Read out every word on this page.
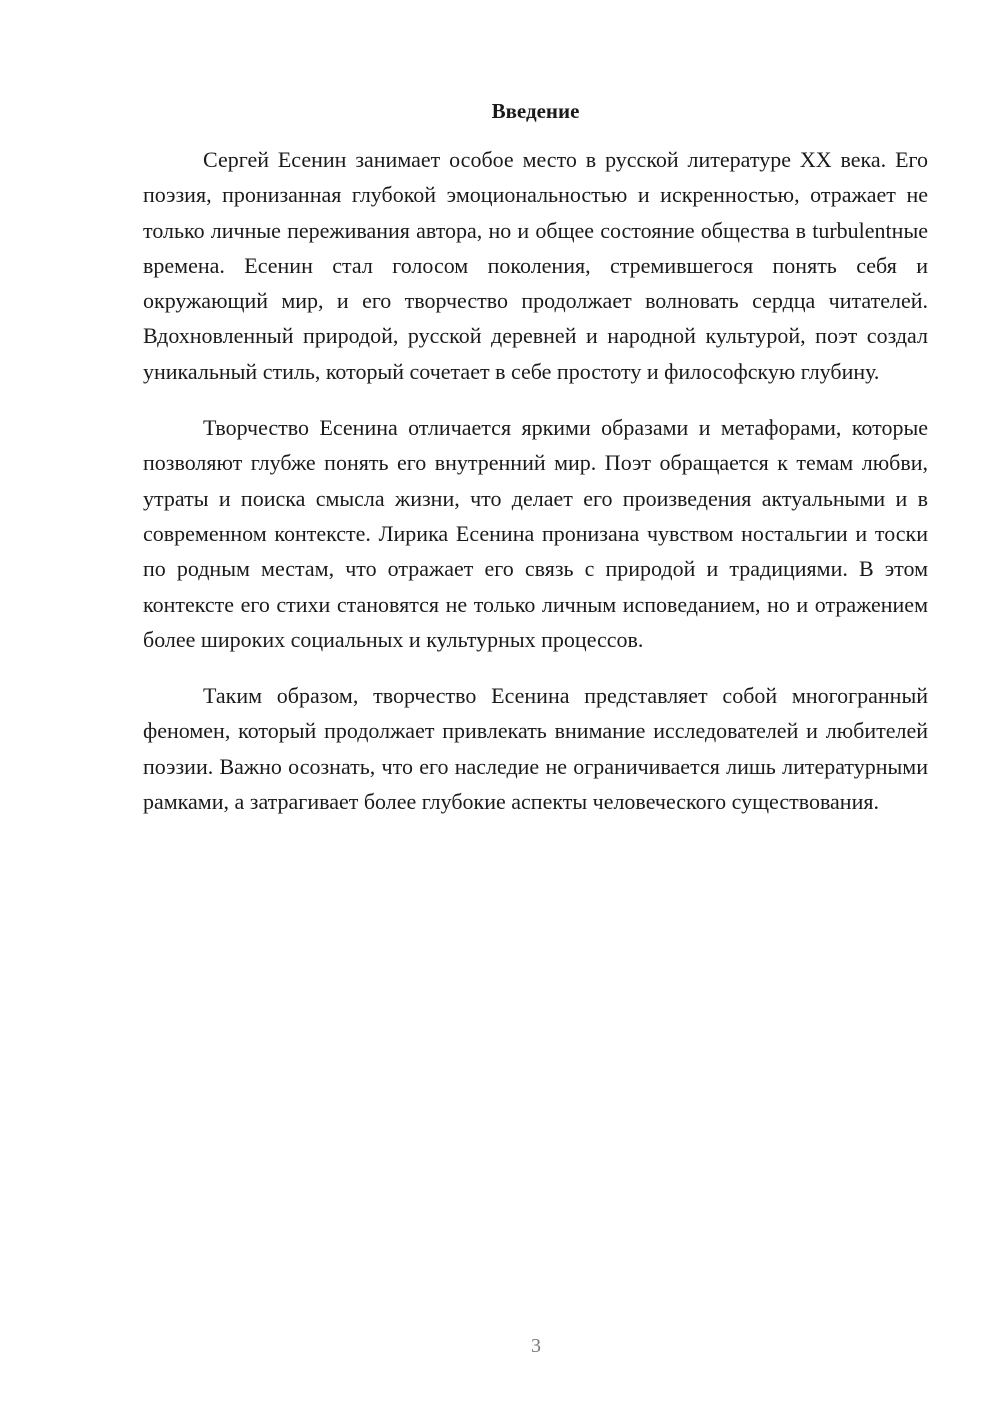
Введение

Сергей Есенин занимает особое место в русской литературе XX века. Его поэзия, пронизанная глубокой эмоциональностью и искренностью, отражает не только личные переживания автора, но и общее состояние общества в turbulentные времена. Есенин стал голосом поколения, стремившегося понять себя и окружающий мир, и его творчество продолжает волновать сердца читателей. Вдохновленный природой, русской деревней и народной культурой, поэт создал уникальный стиль, который сочетает в себе простоту и философскую глубину.

Творчество Есенина отличается яркими образами и метафорами, которые позволяют глубже понять его внутренний мир. Поэт обращается к темам любви, утраты и поиска смысла жизни, что делает его произведения актуальными и в современном контексте. Лирика Есенина пронизана чувством ностальгии и тоски по родным местам, что отражает его связь с природой и традициями. В этом контексте его стихи становятся не только личным исповеданием, но и отражением более широких социальных и культурных процессов.

Таким образом, творчество Есенина представляет собой многогранный феномен, который продолжает привлекать внимание исследователей и любителей поэзии. Важно осознать, что его наследие не ограничивается лишь литературными рамками, а затрагивает более глубокие аспекты человеческого существования.

3
